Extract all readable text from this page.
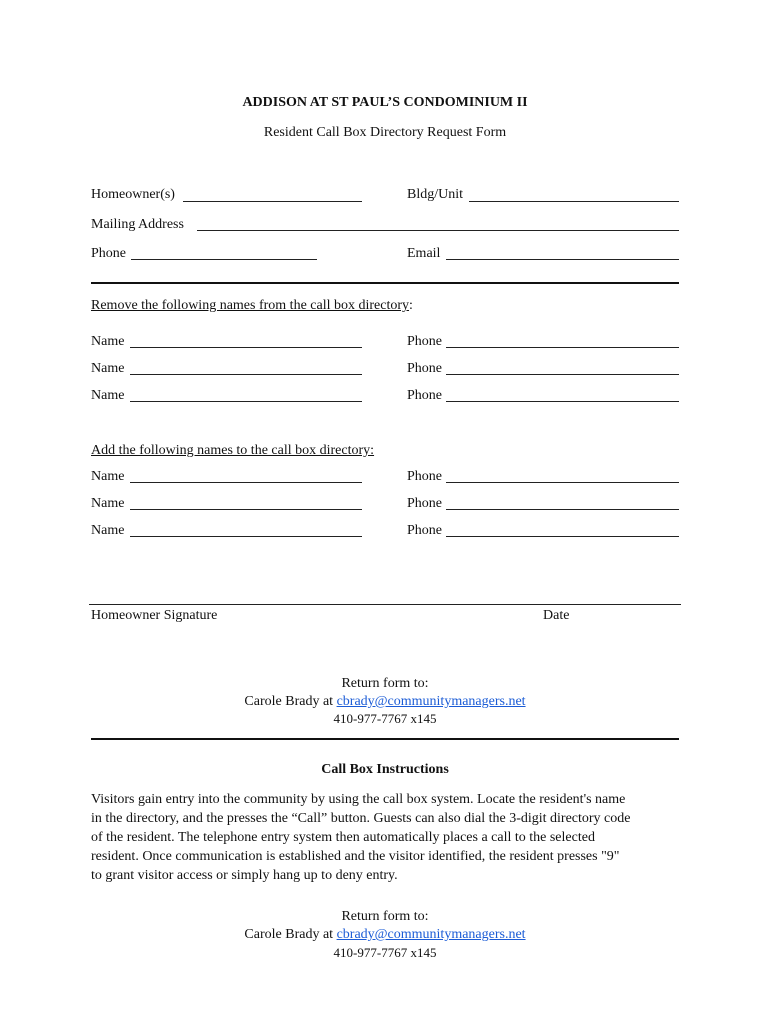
ADDISON AT ST PAUL’S CONDOMINIUM II
Resident Call Box Directory Request Form
Homeowner(s)	Bldg/Unit
Mailing Address
Phone	Email
Remove the following names from the call box directory:
Name	Phone
Name	Phone
Name	Phone
Add the following names to the call box directory:
Name	Phone
Name	Phone
Name	Phone
Homeowner Signature	Date
Return form to:
Carole Brady at cbrady@communitymanagers.net
410-977-7767 x145
Call Box Instructions
Visitors gain entry into the community by using the call box system. Locate the resident's name
in the directory, and the presses the “Call” button. Guests can also dial the 3-digit directory code
of the resident. The telephone entry system then automatically places a call to the selected
resident. Once communication is established and the visitor identified, the resident presses "9"
to grant visitor access or simply hang up to deny entry.
Return form to:
Carole Brady at cbrady@communitymanagers.net
410-977-7767 x145
